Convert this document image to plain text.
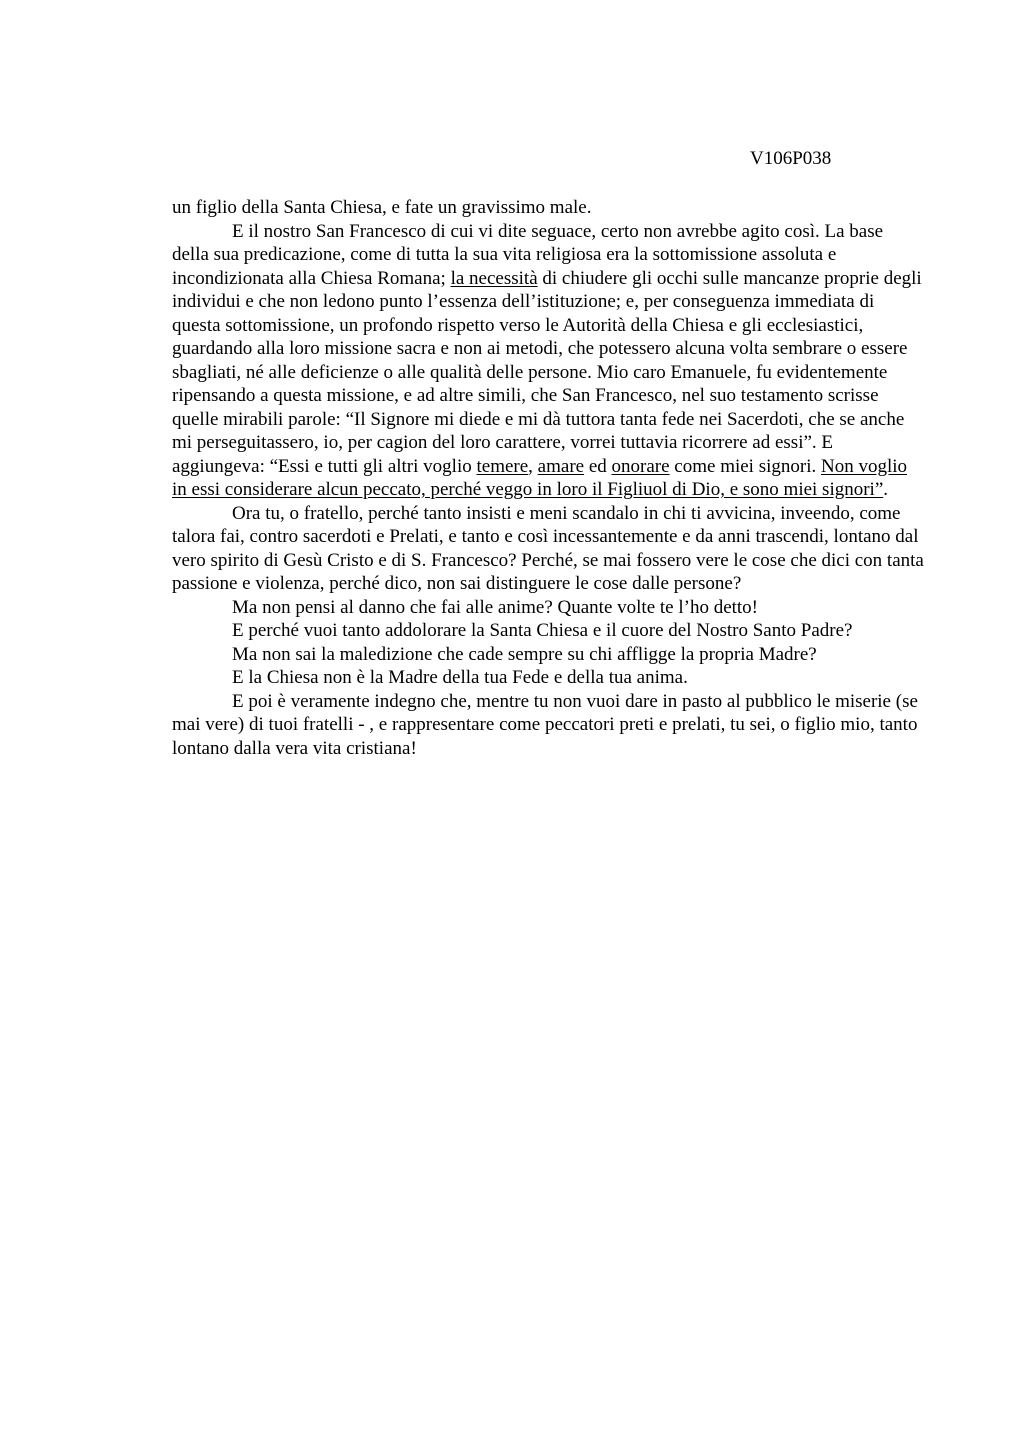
V106P038

un figlio della Santa Chiesa, e fate un gravissimo male.

E il nostro San Francesco di cui vi dite seguace, certo non avrebbe agito così. La base della sua predicazione, come di tutta la sua vita religiosa era la sottomissione assoluta e incondizionata alla Chiesa Romana; la necessità di chiudere gli occhi sulle mancanze proprie degli individui e che non ledono punto l’essenza dell’istituzione; e, per conseguenza immediata di questa sottomissione, un profondo rispetto verso le Autorità della Chiesa e gli ecclesiastici, guardando alla loro missione sacra e non ai metodi, che potessero alcuna volta sembrare o essere sbagliati, né alle deficienze o alle qualità delle persone. Mio caro Emanuele, fu evidentemente ripensando a questa missione, e ad altre simili, che San Francesco, nel suo testamento scrisse quelle mirabili parole: “Il Signore mi diede e mi dà tuttora tanta fede nei Sacerdoti, che se anche mi perseguitassero, io, per cagion del loro carattere, vorrei tuttavia ricorrere ad essi”. E aggiungeva: “Essi e tutti gli altri voglio temere, amare ed onorare come miei signori. Non voglio in essi considerare alcun peccato, perché veggo in loro il Figliuol di Dio, e sono miei signori”.

Ora tu, o fratello, perché tanto insisti e meni scandalo in chi ti avvicina, inveendo, come talora fai, contro sacerdoti e Prelati, e tanto e così incessantemente e da anni trascendi, lontano dal vero spirito di Gesù Cristo e di S. Francesco? Perché, se mai fossero vere le cose che dici con tanta passione e violenza, perché dico, non sai distinguere le cose dalle persone?

Ma non pensi al danno che fai alle anime? Quante volte te l’ho detto!

E perché vuoi tanto addolorare la Santa Chiesa e il cuore del Nostro Santo Padre?

Ma non sai la maledizione che cade sempre su chi affligge la propria Madre?

E la Chiesa non è la Madre della tua Fede e della tua anima.

E poi è veramente indegno che, mentre tu non vuoi dare in pasto al pubblico le miserie (se mai vere) di tuoi fratelli - , e rappresentare come peccatori preti e prelati, tu sei, o figlio mio, tanto lontano dalla vera vita cristiana!
